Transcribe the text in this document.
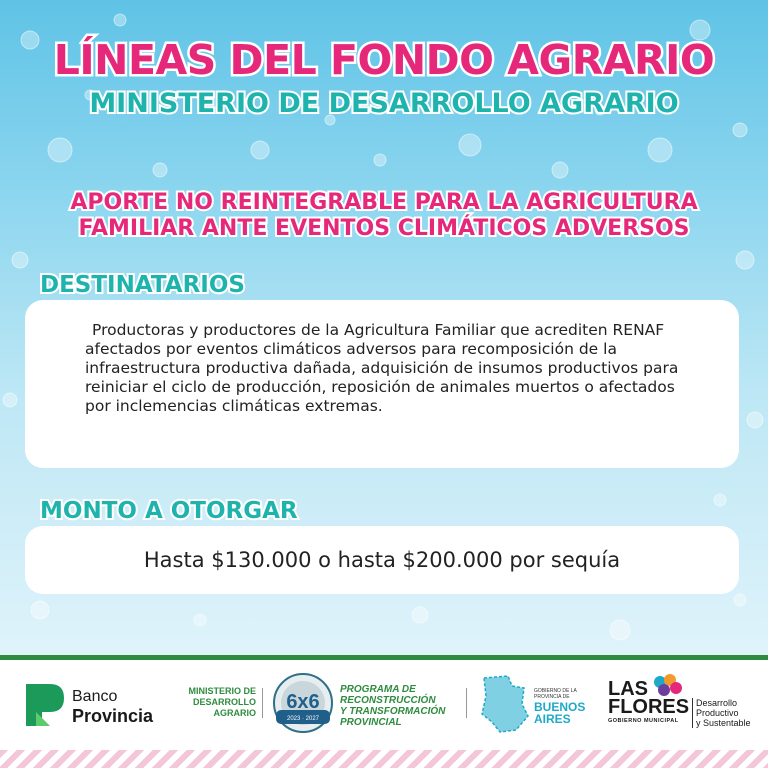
LÍNEAS DEL FONDO AGRARIO
MINISTERIO DE DESARROLLO AGRARIO
APORTE NO REINTEGRABLE PARA LA AGRICULTURA
FAMILIAR ANTE EVENTOS CLIMÁTICOS ADVERSOS
DESTINATARIOS

Productoras y productores de la Agricultura Familiar que acrediten RENAF afectados por eventos climáticos adversos para recomposición de la infraestructura productiva dañada, adquisición de insumos productivos para reiniciar el ciclo de producción, reposición de animales muertos o afectados por inclemencias climáticas extremas.

MONTO A OTORGAR
Hasta $130.000 o hasta $200.000 por sequía
Banco
Provincia
MINISTERIO DE
DESARROLLO
AGRARIO 6x6
2023 · 2027
PROGRAMA DE
RECONSTRUCCIÓN
Y TRANSFORMACIÓN
PROVINCIAL
GOBIERNO DE LA
PROVINCIA DE
BUENOS
AIRES
LAS
FLORES
GOBIERNO MUNICIPAL
Desarrollo
Productivo
y Sustentable
